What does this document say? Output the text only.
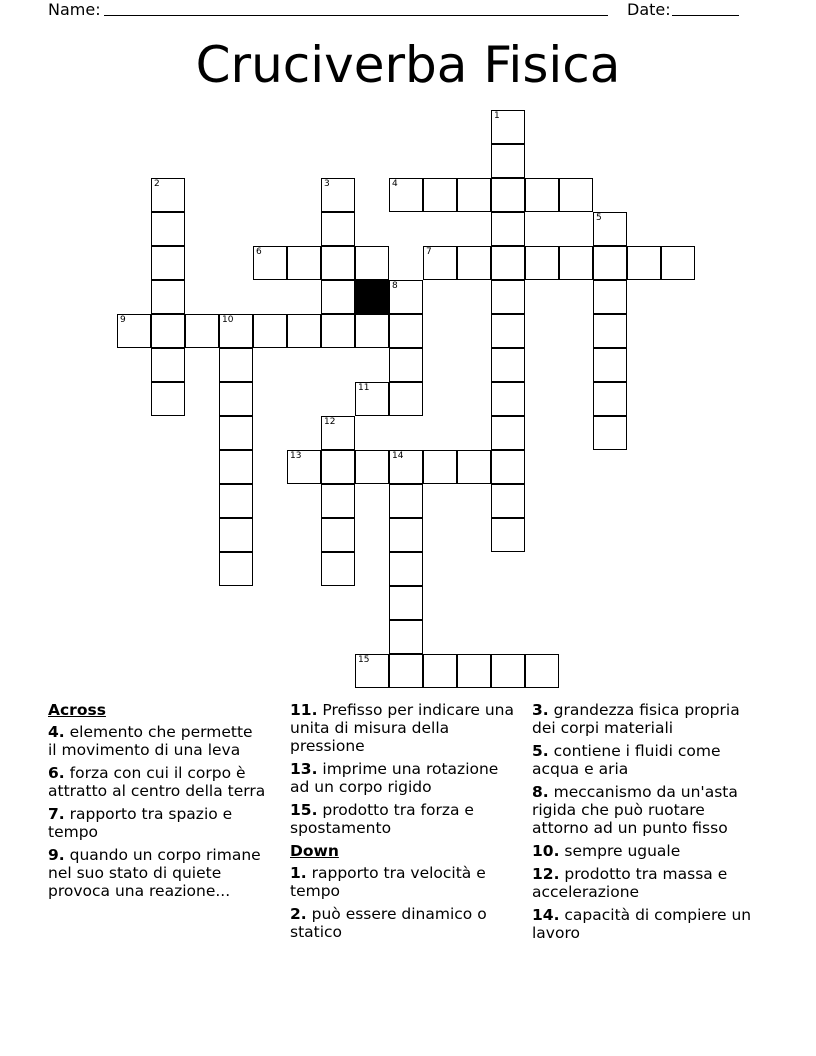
Name:	Date:
Cruciverba Fisica
1
2	3	4
5
6	7
8
9	10
11
12
13	14
15
Across
4. elemento che permette il movimento di una leva
6. forza con cui il corpo è attratto al centro della terra
7. rapporto tra spazio e tempo
9. quando un corpo rimane nel suo stato di quiete provoca una reazione...
11. Prefisso per indicare una unita di misura della pressione
13. imprime una rotazione ad un corpo rigido
15. prodotto tra forza e spostamento
Down
1. rapporto tra velocità e tempo
2. può essere dinamico o statico
3. grandezza fisica propria dei corpi materiali
5. contiene i fluidi come acqua e aria
8. meccanismo da un'asta rigida che può ruotare attorno ad un punto fisso
10. sempre uguale
12. prodotto tra massa e accelerazione
14. capacità di compiere un lavoro
